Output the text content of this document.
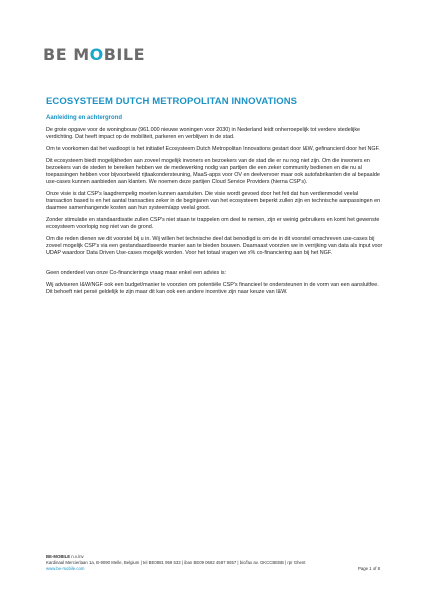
BE MOBILE
ECOSYSTEEM DUTCH METROPOLITAN INNOVATIONS
Aanleiding en achtergrond

De grote opgave voor de woningbouw (961.000 nieuwe woningen voor 2030) in Nederland leidt onherroepelijk tot verdere stedelijke verdichting. Dat heeft impact op de mobiliteit, parkeren en verblijven in de stad.

Om te voorkomen dat het vastloopt is het initiatief Ecosysteem Dutch Metropolitan Innovations gestart door I&W, gefinancierd door het NGF.

Dit ecosysteem biedt mogelijkheden aan zoveel mogelijk invoners en bezoekers van de stad die er nu nog niet zijn. Om die inwoners en bezoekers van de steden te bereiken hebben we de medewerking nodig van partijen die een zeker community bedienen en die nu al toepassingen hebben voor bijvoorbeeld rijtaakondersteuning, MaaS-apps voor OV en deelvervoer maar ook autofabrikanten die al bepaalde use-cases kunnen aanbieden aan klanten. We noemen deze partijen Cloud Service Providers (hierna CSP's).

Onze visie is dat CSP's laagdrempelig moeten kunnen aansluiten. Die visie wordt gevoed door het feit dat hun verdienmodel veelal transaction based is en het aantal transacties zeker in de beginjaren van het ecosysteem beperkt zullen zijn en technische aanpassingen en daarmee samenhangende kosten aan hun systeem/app veelal groot.

Zonder stimulatie en standaardisatie zullen CSP's niet staan te trappelen om deel te nemen, zijn er weinig gebruikers en komt het gewenste ecosysteem voorlopig nog niet van de grond.

Om die reden dienen we dit voorstel bij u in. Wij willen het technische deel dat benodigd is om de in dit voorstel omschreven use-cases bij zoveel mogelijk CSP's via een gestandaardiseerde manier aan te bieden bouwen. Daarnaast voorzien we in verrijking van data als input voor UDAP waardoor Data Driven Use-cases mogelijk worden. Voor het totaal vragen we x% co-financiering aan bij het NGF.

Geen onderdeel van onze Co-financierings vraag maar enkel een advies is:

Wij adviseren I&W/NGF ook een budget/manier te voorzien om potentiële CSP's financieel te ondersteunen in de vorm van een aansluitfee. Dit behoeft niet persé geldelijk te zijn maar dit kan ook een andere incentive zijn naar keuze van I&W.

BE-MOBILE n.v./nv
Kardinaal Mercierlaan 1a, B-9090 Melle, Belgium | tel BE0881 959 533 | iban BE09 0682 4587 8657 | bic/fax av. GKCCBEBB | rpr Ghent
www.be-mobile.com	Page 1 of 8
